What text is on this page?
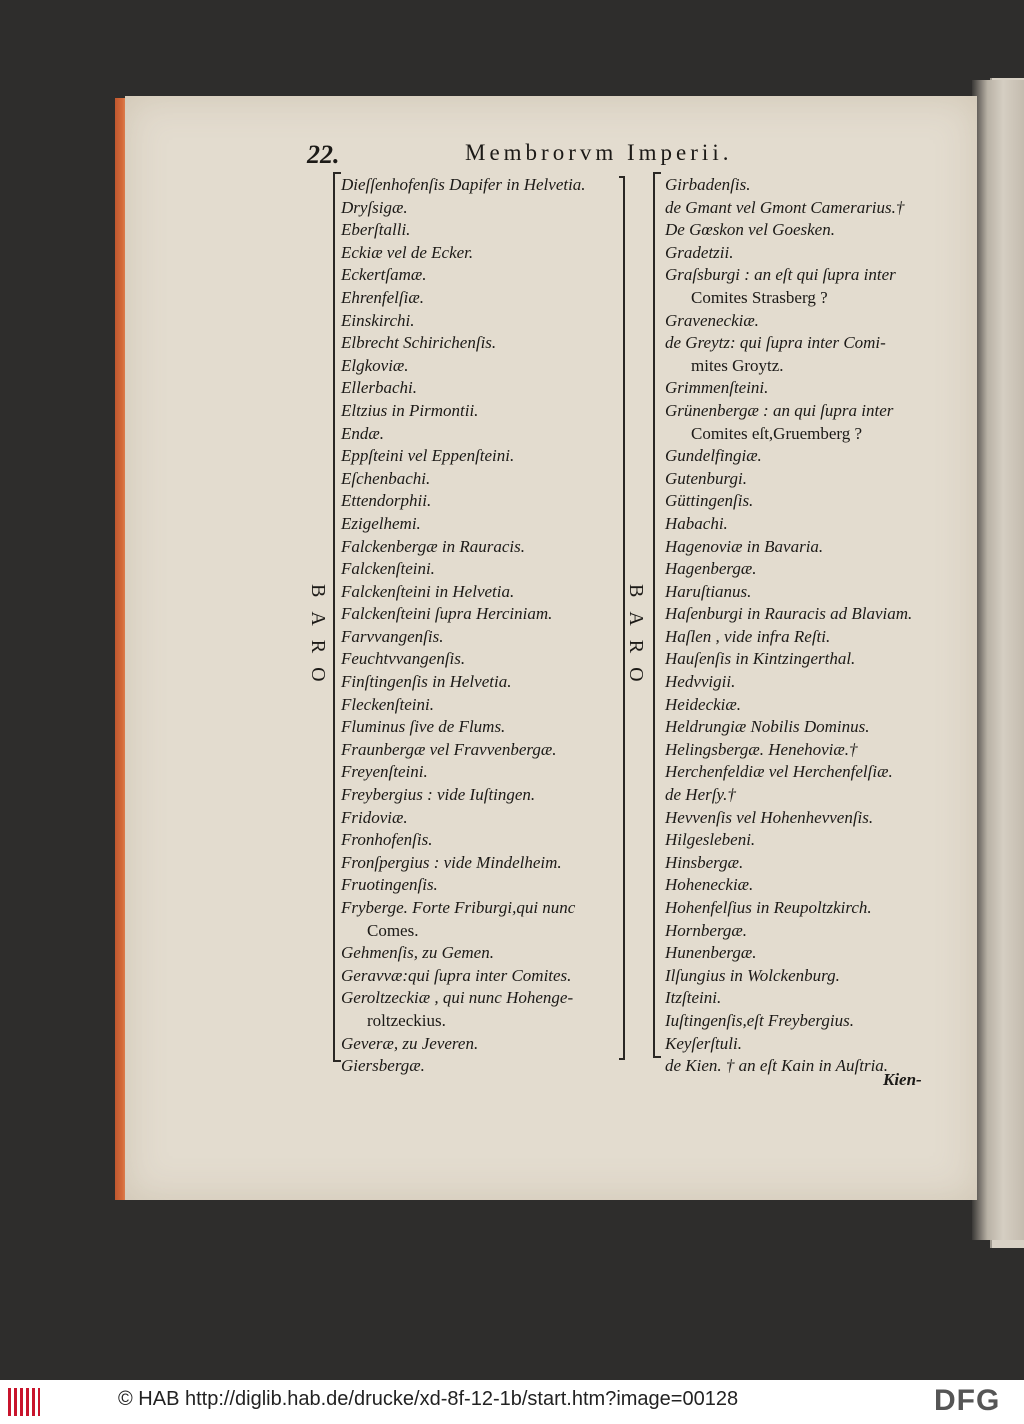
22.	Membrorvm Imperii.
BARO	BARO
Dieſſenhofenſis Dapifer in Helvetia.
Dryſsigæ.
Eberſtalli.
Eckiæ vel de Ecker.
Eckertſamæ.
Ehrenfelſiæ.
Einskirchi.
Elbrecht Schirichenſis.
Elgkoviæ.
Ellerbachi.
Eltzius in Pirmontii.
Endæ.
Eppſteini vel Eppenſteini.
Eſchenbachi.
Ettendorphii.
Ezigelhemi.
Falckenbergæ in Rauracis.
Falckenſteini.
Falckenſteini in Helvetia.
Falckenſteini ſupra Herciniam.
Farvvangenſis.
Feuchtvvangenſis.
Finſtingenſis in Helvetia.
Fleckenſteini.
Fluminus ſive de Flums.
Fraunbergæ vel Fravvenbergæ.
Freyenſteini.
Freybergius : vide Iuſtingen.
Fridoviæ.
Fronhofenſis.
Fronſpergius : vide Mindelheim.
Fruotingenſis.
Fryberge. Forte Friburgi,qui nunc
Comes.
Gehmenſis, zu Gemen.
Geravvæ:qui ſupra inter Comites.
Geroltzeckiæ , qui nunc Hohenge-
roltzeckius.
Geveræ, zu Jeveren.
Giersbergæ.
Girbadenſis.
de Gmant vel Gmont Camerarius.†
De Gœskon vel Goesken.
Gradetzii.
Graſsburgi : an eſt qui ſupra inter
Comites Strasberg ?
Graveneckiæ.
de Greytz: qui ſupra inter Comi-
mites Groytz.
Grimmenſteini.
Grünenbergæ : an qui ſupra inter
Comites eſt,Gruemberg ?
Gundelfingiæ.
Gutenburgi.
Güttingenſis.
Habachi.
Hagenoviæ in Bavaria.
Hagenbergæ.
Haruſtianus.
Haſenburgi in Rauracis ad Blaviam.
Haſlen , vide infra Reſti.
Hauſenſis in Kintzingerthal.
Hedvvigii.
Heideckiæ.
Heldrungiæ Nobilis Dominus.
Helingsbergæ. Henehoviæ.†
Herchenfeldiæ vel Herchenfelſiæ.
de Herſy.†
Hevvenſis vel Hohenhevvenſis.
Hilgeslebeni.
Hinsbergæ.
Hoheneckiæ.
Hohenfelſius in Reupoltzkirch.
Hornbergæ.
Hunenbergæ.
Ilſungius in Wolckenburg.
Itzſteini.
Iuſtingenſis,eſt Freybergius.
Keyſerſtuli.
de Kien. † an eſt Kain in Auſtria.
Kien-
© HAB http://diglib.hab.de/drucke/xd-8f-12-1b/start.htm?image=00128	DFG
